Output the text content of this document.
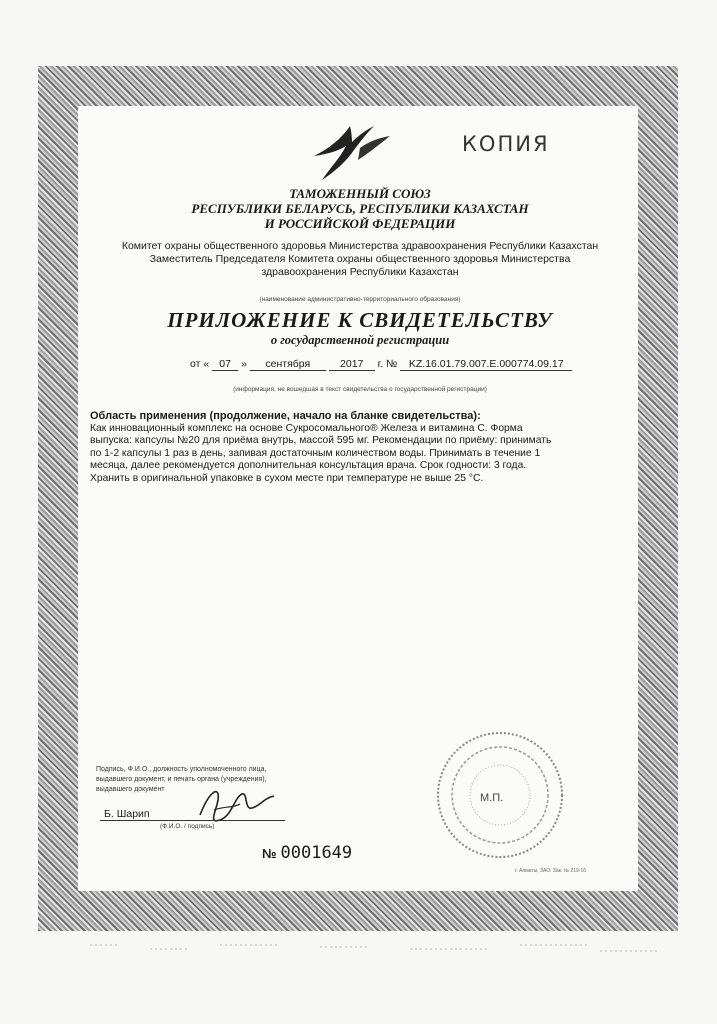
КОПИЯ
ТАМОЖЕННЫЙ СОЮЗ
РЕСПУБЛИКИ БЕЛАРУСЬ, РЕСПУБЛИКИ КАЗАХСТАН
И РОССИЙСКОЙ ФЕДЕРАЦИИ
Комитет охраны общественного здоровья Министерства здравоохранения Республики Казахстан
Заместитель Председателя Комитета охраны общественного здоровья Министерства
здравоохранения Республики Казахстан
(наименование административно-территориального образования)
ПРИЛОЖЕНИЕ К СВИДЕТЕЛЬСТВУ
о государственной регистрации
от « 07 » сентября	2017 г. № KZ.16.01.79.007.Е.000774.09.17
(информация, не вошедшая в текст свидетельства о государственной регистрации)
Область применения (продолжение, начало на бланке свидетельства):
Как инновационный комплекс на основе Сукросомального® Железа и витамина С. Форма
выпуска: капсулы №20 для приёма внутрь, массой 595 мг. Рекомендации по приёму: принимать
по 1-2 капсулы 1 раз в день, запивая достаточным количеством воды. Принимать в течение 1
месяца, далее рекомендуется дополнительная консультация врача. Срок годности: 3 года.
Хранить в оригинальной упаковке в сухом месте при температуре не выше 25 °С.
Подпись, Ф.И.О., должность уполномоченного лица,
выдавшего документ, и печать органа (учреждения),
выдавшего документ
Б. Шарип
(Ф.И.О. / подпись)
№ 0001649
М.П.
г. Алматы, ЗАО. Зак. № 219-16
